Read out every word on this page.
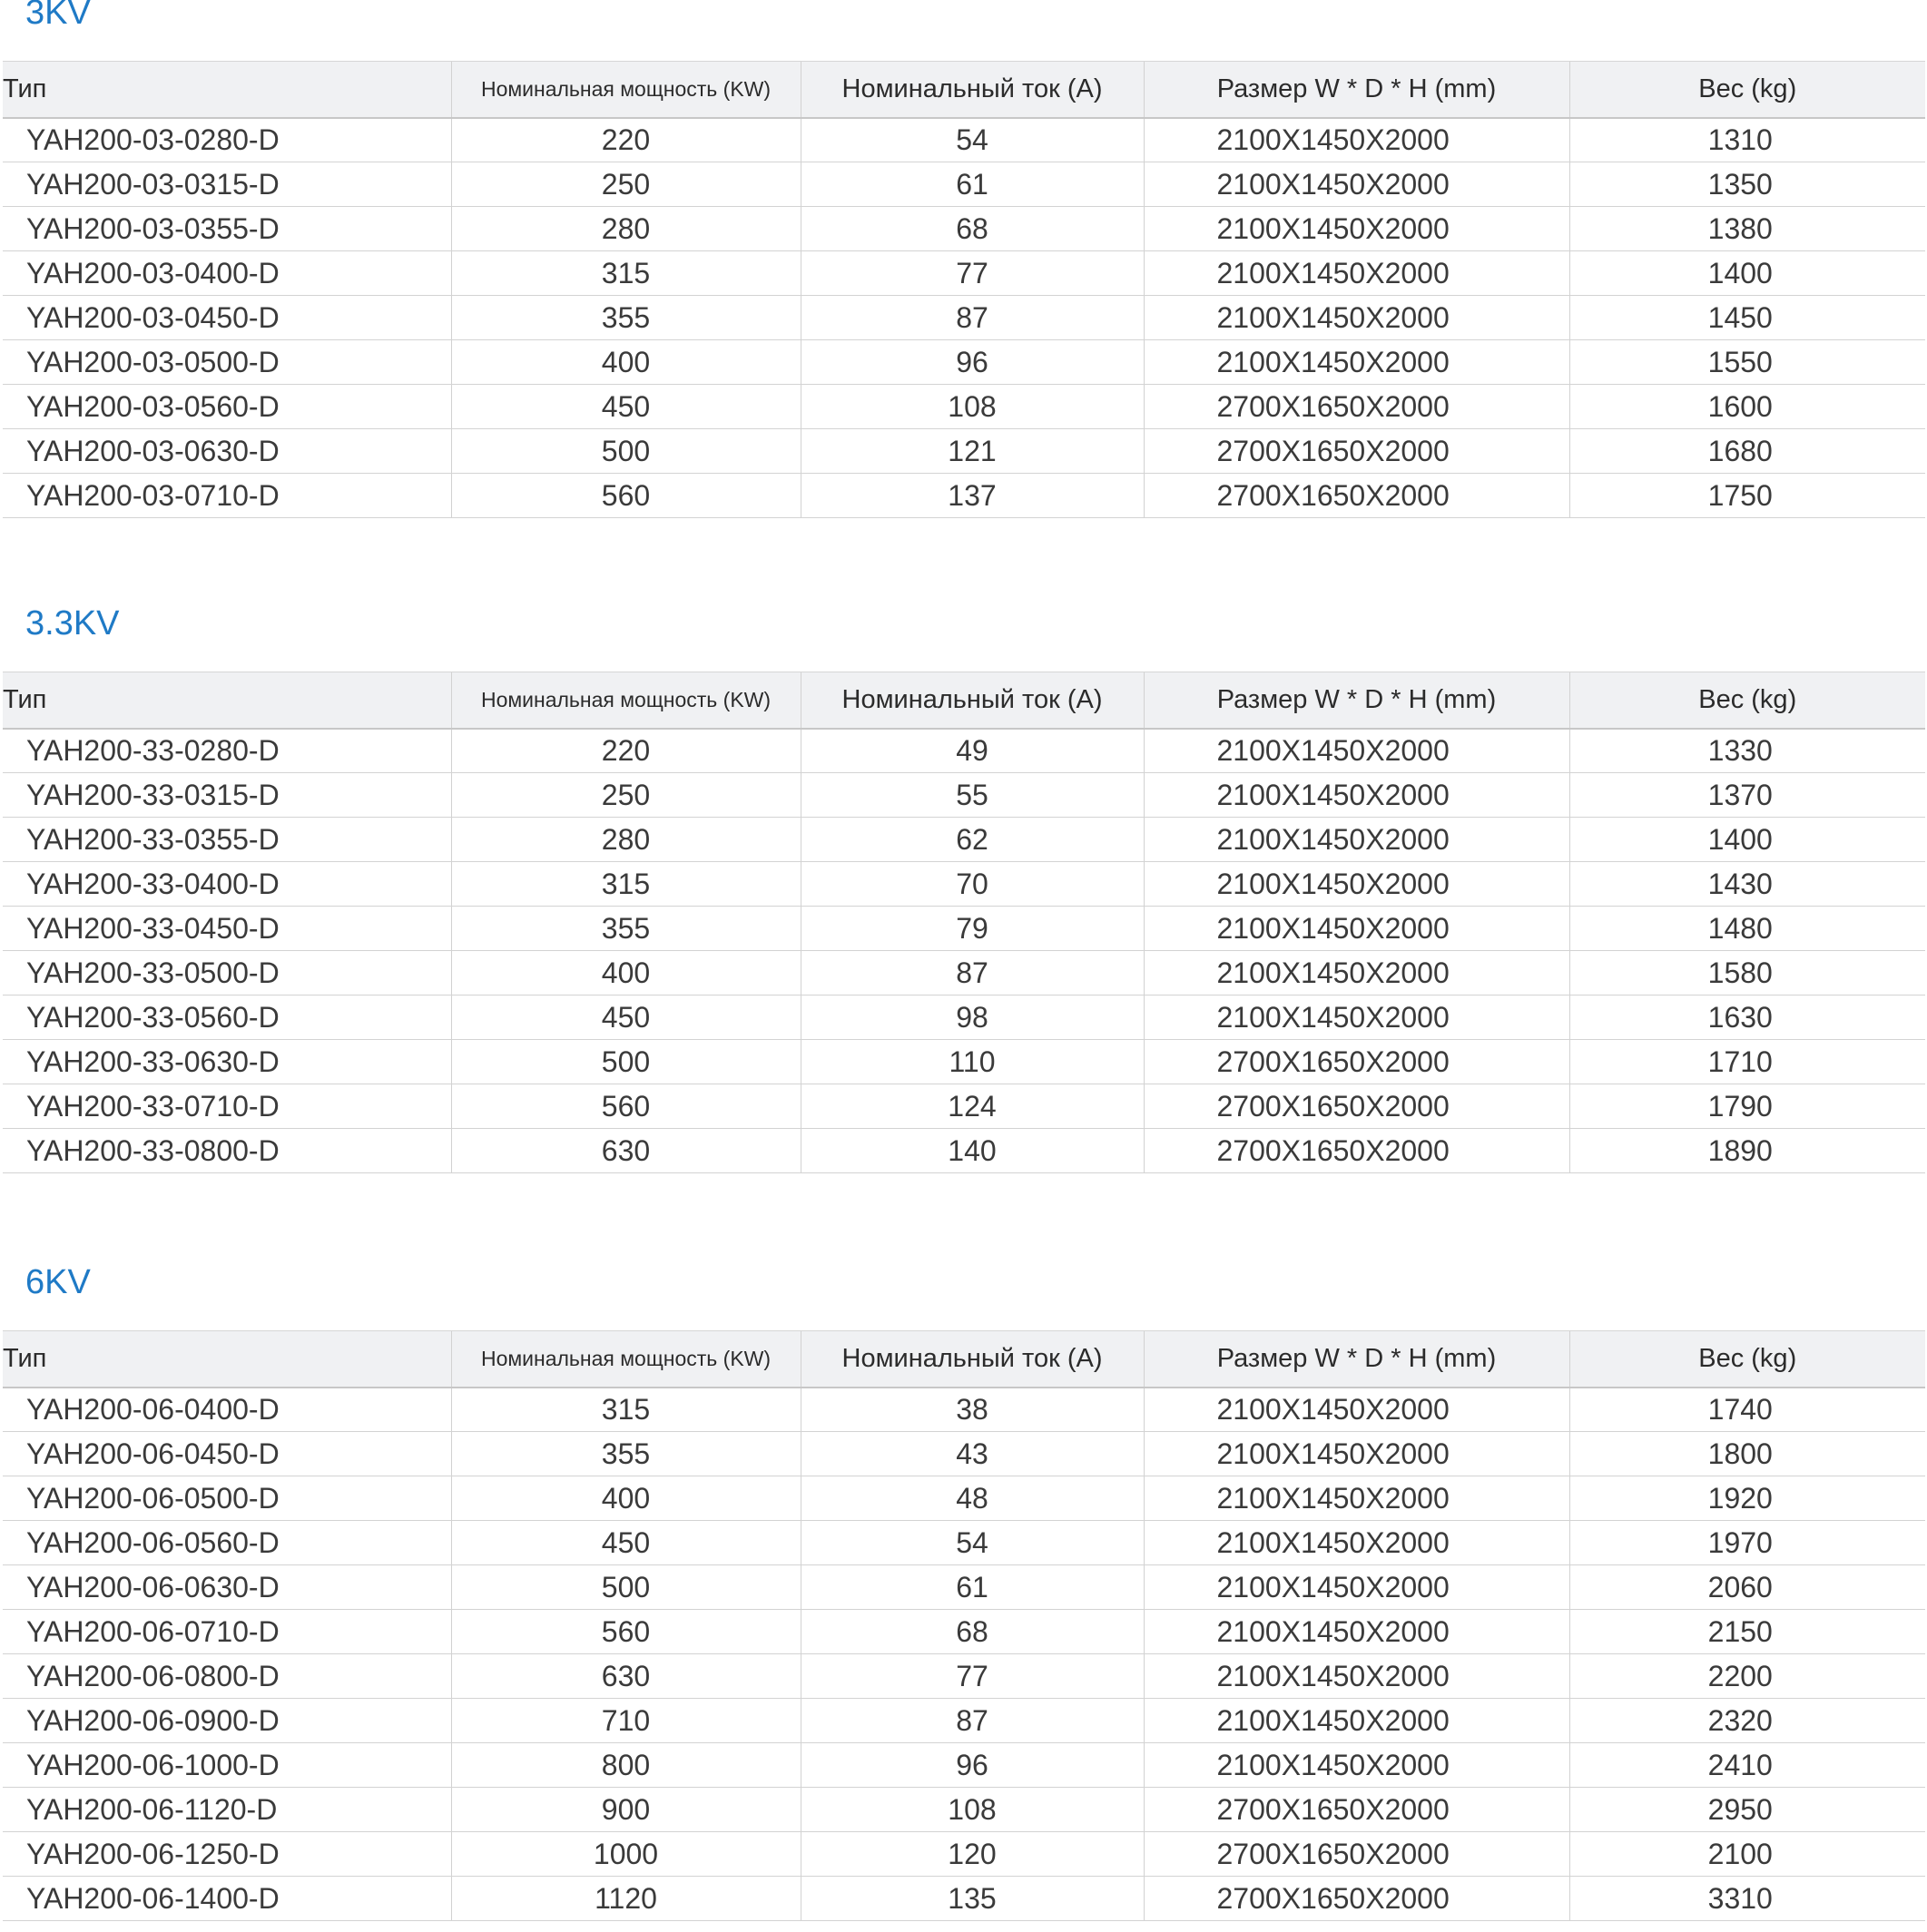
3KV
Тип	Номинальная мощность (KW)	Номинальный ток (A)	Размер W * D * H (mm)	Вес (kg)
YAH200-03-0280-D	220	54	2100X1450X2000	1310
YAH200-03-0315-D	250	61	2100X1450X2000	1350
YAH200-03-0355-D	280	68	2100X1450X2000	1380
YAH200-03-0400-D	315	77	2100X1450X2000	1400
YAH200-03-0450-D	355	87	2100X1450X2000	1450
YAH200-03-0500-D	400	96	2100X1450X2000	1550
YAH200-03-0560-D	450	108	2700X1650X2000	1600
YAH200-03-0630-D	500	121	2700X1650X2000	1680
YAH200-03-0710-D	560	137	2700X1650X2000	1750
3.3KV
Тип	Номинальная мощность (KW)	Номинальный ток (A)	Размер W * D * H (mm)	Вес (kg)
YAH200-33-0280-D	220	49	2100X1450X2000	1330
YAH200-33-0315-D	250	55	2100X1450X2000	1370
YAH200-33-0355-D	280	62	2100X1450X2000	1400
YAH200-33-0400-D	315	70	2100X1450X2000	1430
YAH200-33-0450-D	355	79	2100X1450X2000	1480
YAH200-33-0500-D	400	87	2100X1450X2000	1580
YAH200-33-0560-D	450	98	2100X1450X2000	1630
YAH200-33-0630-D	500	110	2700X1650X2000	1710
YAH200-33-0710-D	560	124	2700X1650X2000	1790
YAH200-33-0800-D	630	140	2700X1650X2000	1890
6KV
Тип	Номинальная мощность (KW)	Номинальный ток (A)	Размер W * D * H (mm)	Вес (kg)
YAH200-06-0400-D	315	38	2100X1450X2000	1740
YAH200-06-0450-D	355	43	2100X1450X2000	1800
YAH200-06-0500-D	400	48	2100X1450X2000	1920
YAH200-06-0560-D	450	54	2100X1450X2000	1970
YAH200-06-0630-D	500	61	2100X1450X2000	2060
YAH200-06-0710-D	560	68	2100X1450X2000	2150
YAH200-06-0800-D	630	77	2100X1450X2000	2200
YAH200-06-0900-D	710	87	2100X1450X2000	2320
YAH200-06-1000-D	800	96	2100X1450X2000	2410
YAH200-06-1120-D	900	108	2700X1650X2000	2950
YAH200-06-1250-D	1000	120	2700X1650X2000	2100
YAH200-06-1400-D	1120	135	2700X1650X2000	3310
